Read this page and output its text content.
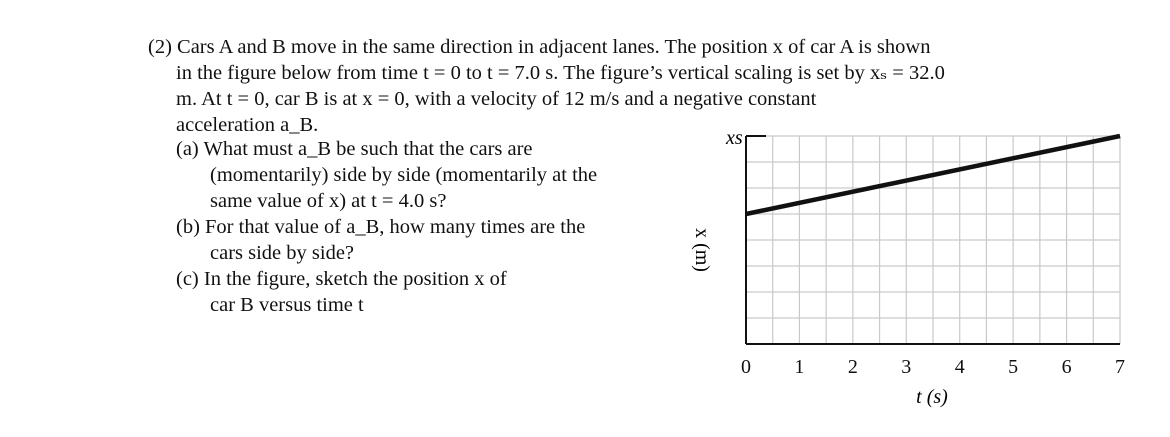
(2) Cars A and B move in the same direction in adjacent lanes. The position x of car A is shown
in the figure below from time t = 0 to t = 7.0 s. The figure’s vertical scaling is set by xₛ = 32.0
m. At t = 0, car B is at x = 0, with a velocity of 12 m/s and a negative constant
acceleration a_B.
(a) What must a_B be such that the cars are
(momentarily) side by side (momentarily at the
same value of x) at t = 4.0 s?
(b) For that value of a_B, how many times are the
cars side by side?
(c) In the figure, sketch the position x of
car B versus time t
0 1 2 3 4 5 6 7
x (m)
t (s)
xs
